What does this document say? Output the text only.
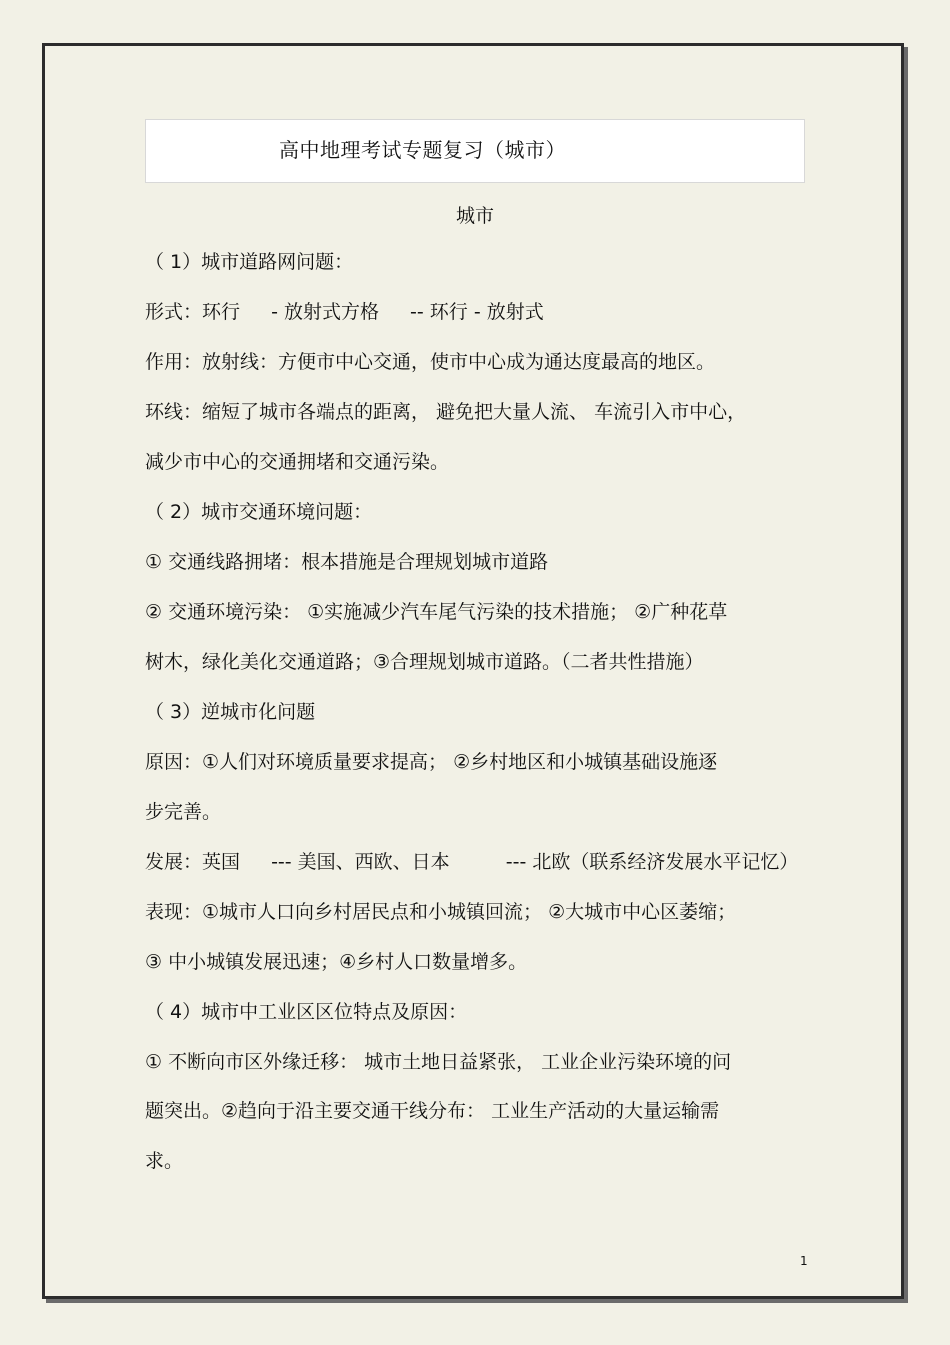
高中地理考试专题复习（城市）
城市
（ 1）城市道路网问题：
形式：环行 　 - 放射式方格 　 -- 环行 - 放射式
作用：放射线：方便市中心交通，使市中心成为通达度最高的地区。
环线：缩短了城市各端点的距离， 避免把大量人流、 车流引入市中心，
减少市中心的交通拥堵和交通污染。
（ 2）城市交通环境问题：
① 交通线路拥堵：根本措施是合理规划城市道路
② 交通环境污染： ①实施减少汽车尾气污染的技术措施； ②广种花草
树木，绿化美化交通道路；③合理规划城市道路。（二者共性措施）
（ 3）逆城市化问题
原因：①人们对环境质量要求提高； ②乡村地区和小城镇基础设施逐
步完善。
发展：英国 　 --- 美国、西欧、日本 　 　 --- 北欧（联系经济发展水平记忆）
表现：①城市人口向乡村居民点和小城镇回流； ②大城市中心区萎缩；
③ 中小城镇发展迅速；④乡村人口数量增多。
（ 4）城市中工业区区位特点及原因：
① 不断向市区外缘迁移： 城市土地日益紧张， 工业企业污染环境的问
题突出。②趋向于沿主要交通干线分布： 工业生产活动的大量运输需
求。
1
